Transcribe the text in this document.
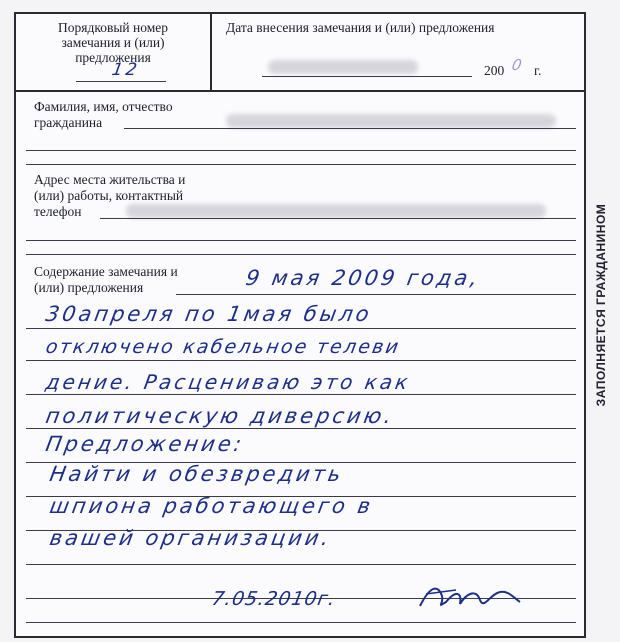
Порядковый номер замечания и (или) предложения
12
Дата внесения замечания и (или) предложения
200 0 г.
Фамилия, имя, отчество
гражданина
Адрес места жительства и
(или) работы, контактный
телефон
Содержание замечания и
(или) предложения	9 мая 2009 года,
30апреля по 1мая было
отключено кабельное телеви
дение. Расцениваю это как
политическую диверсию.
Предложение:
Найти и обезвредить
шпиона работающего в
вашей организации.
7.05.2010г.
ЗАПОЛНЯЕТСЯ ГРАЖДАНИНОМ
